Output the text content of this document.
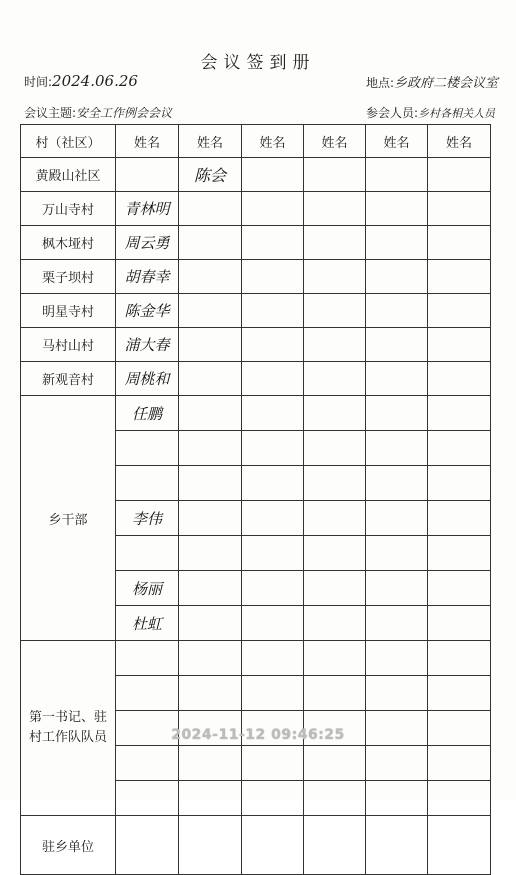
会议签到册
时间:2024.06.26	地点:乡政府二楼会议室
会议主题:安全工作例会会议	参会人员:乡村各相关人员
村（社区）	姓名	姓名	姓名	姓名	姓名	姓名
黄殿山社区		陈会				

万山寺村	青林明					

枫木垭村	周云勇					

栗子坝村	胡春幸					

明星寺村	陈金华					

马村山村	浦大春					

新观音村	周桃和					

乡干部	任鹏					

	李伟					

	杨丽					

	杜虹					

第一书记、驻村工作队队员						

驻乡单位						
2024-11-12 09:46:25
